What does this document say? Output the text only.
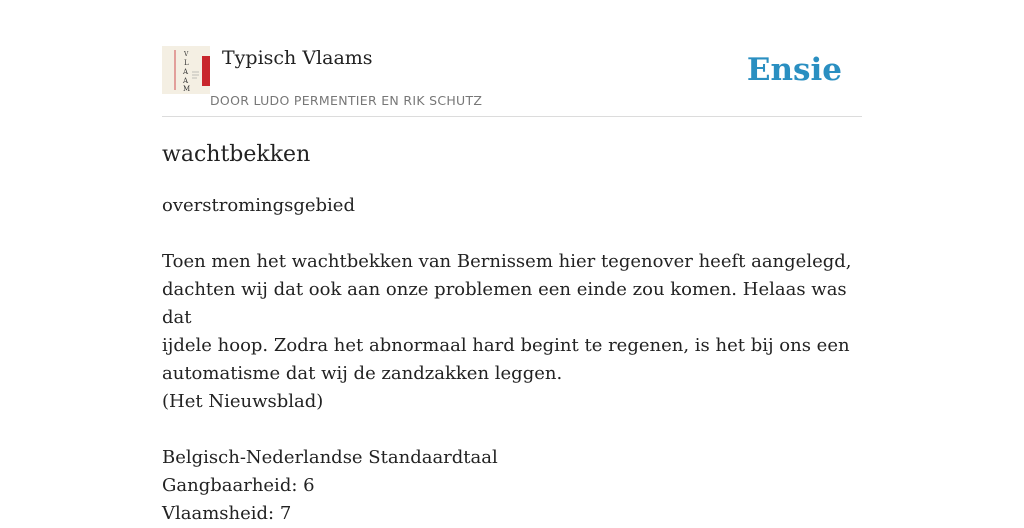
V
L
A
A
M
Typisch Vlaams
DOOR LUDO PERMENTIER EN RIK SCHUTZ
Ensie
wachtbekken

overstromingsgebied

Toen men het wachtbekken van Bernissem hier tegenover heeft aangelegd,

dachten wij dat ook aan onze problemen een einde zou komen. Helaas was dat

ijdele hoop. Zodra het abnormaal hard begint te regenen, is het bij ons een

automatisme dat wij de zandzakken leggen.

(Het Nieuwsblad)

Belgisch-Nederlandse Standaardtaal

Gangbaarheid: 6

Vlaamsheid: 7
